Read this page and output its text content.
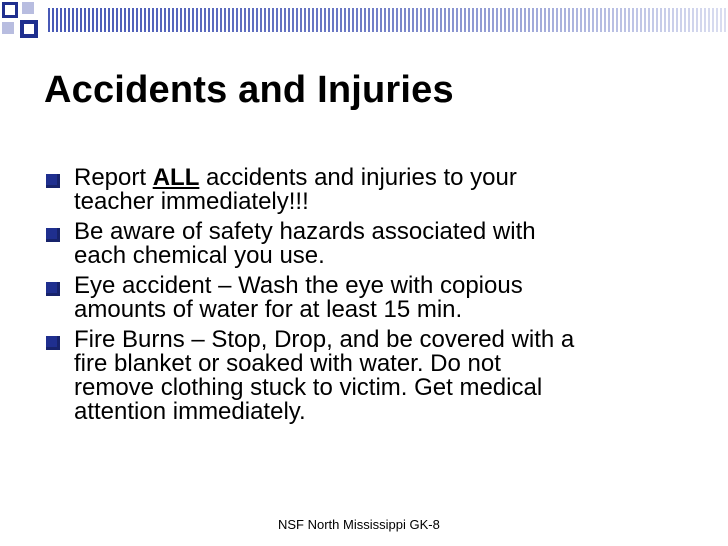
Accidents and Injuries
Report ALL accidents and injuries to your
teacher immediately!!!
Be aware of safety hazards associated with
each chemical you use.
Eye accident – Wash the eye with copious
amounts of water for at least 15 min.
Fire Burns – Stop, Drop, and be covered with a
fire blanket or soaked with water. Do not
remove clothing stuck to victim. Get medical
attention immediately.
NSF North Mississippi GK-8
